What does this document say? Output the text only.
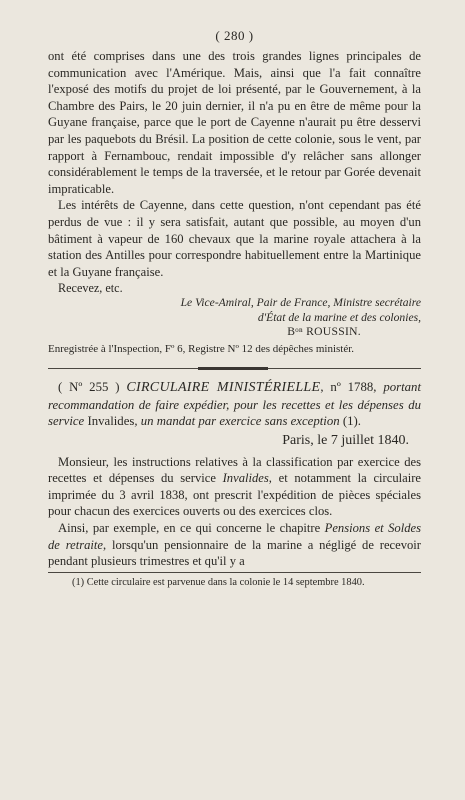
( 280 )

ont été comprises dans une des trois grandes lignes principales de communication avec l'Amérique. Mais, ainsi que l'a fait connaître l'exposé des motifs du projet de loi présenté, par le Gouvernement, à la Chambre des Pairs, le 20 juin dernier, il n'a pu en être de même pour la Guyane française, parce que le port de Cayenne n'aurait pu être desservi par les paquebots du Brésil. La position de cette colonie, sous le vent, par rapport à Fernambouc, rendait impossible d'y relâcher sans allonger considérablement le temps de la traversée, et le retour par Gorée devenait impraticable.

Les intérêts de Cayenne, dans cette question, n'ont cependant pas été perdus de vue : il y sera satisfait, autant que possible, au moyen d'un bâtiment à vapeur de 160 chevaux que la marine royale attachera à la station des Antilles pour correspondre habituellement entre la Martinique et la Guyane française.

Recevez, etc.

Le Vice-Amiral, Pair de France, Ministre secrétaire
d'État de la marine et des colonies,
Bᵒⁿ ROUSSIN.
Enregistrée à l'Inspection, Fº 6, Registre Nº 12 des dépêches ministér.

( Nº 255 ) CIRCULAIRE MINISTÉRIELLE, nº 1788, portant recommandation de faire expédier, pour les recettes et les dépenses du service Invalides, un mandat par exercice sans exception (1).

Paris, le 7 juillet 1840.

Monsieur, les instructions relatives à la classification par exercice des recettes et dépenses du service Invalides, et notamment la circulaire imprimée du 3 avril 1838, ont prescrit l'expédition de pièces spéciales pour chacun des exercices ouverts ou des exercices clos.

Ainsi, par exemple, en ce qui concerne le chapitre Pensions et Soldes de retraite, lorsqu'un pensionnaire de la marine a négligé de recevoir pendant plusieurs trimestres et qu'il y a

(1) Cette circulaire est parvenue dans la colonie le 14 septembre 1840.
